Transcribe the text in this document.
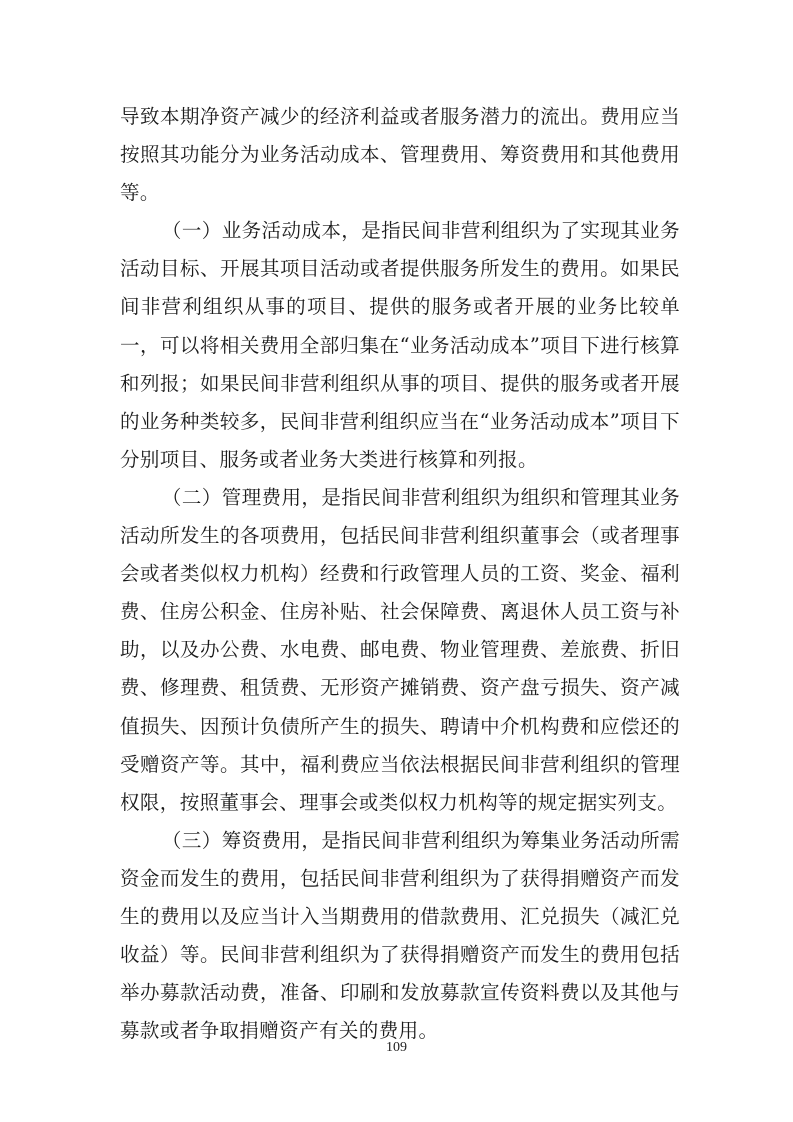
导致本期净资产减少的经济利益或者服务潜力的流出。费用应当按照其功能分为业务活动成本、管理费用、筹资费用和其他费用等。

（一）业务活动成本，是指民间非营利组织为了实现其业务活动目标、开展其项目活动或者提供服务所发生的费用。如果民间非营利组织从事的项目、提供的服务或者开展的业务比较单一，可以将相关费用全部归集在“业务活动成本”项目下进行核算和列报；如果民间非营利组织从事的项目、提供的服务或者开展的业务种类较多，民间非营利组织应当在“业务活动成本”项目下分别项目、服务或者业务大类进行核算和列报。

（二）管理费用，是指民间非营利组织为组织和管理其业务活动所发生的各项费用，包括民间非营利组织董事会（或者理事会或者类似权力机构）经费和行政管理人员的工资、奖金、福利费、住房公积金、住房补贴、社会保障费、离退休人员工资与补助，以及办公费、水电费、邮电费、物业管理费、差旅费、折旧费、修理费、租赁费、无形资产摊销费、资产盘亏损失、资产减值损失、因预计负债所产生的损失、聘请中介机构费和应偿还的受赠资产等。其中，福利费应当依法根据民间非营利组织的管理权限，按照董事会、理事会或类似权力机构等的规定据实列支。

（三）筹资费用，是指民间非营利组织为筹集业务活动所需资金而发生的费用，包括民间非营利组织为了获得捐赠资产而发生的费用以及应当计入当期费用的借款费用、汇兑损失（减汇兑收益）等。民间非营利组织为了获得捐赠资产而发生的费用包括举办募款活动费，准备、印刷和发放募款宣传资料费以及其他与募款或者争取捐赠资产有关的费用。

109
